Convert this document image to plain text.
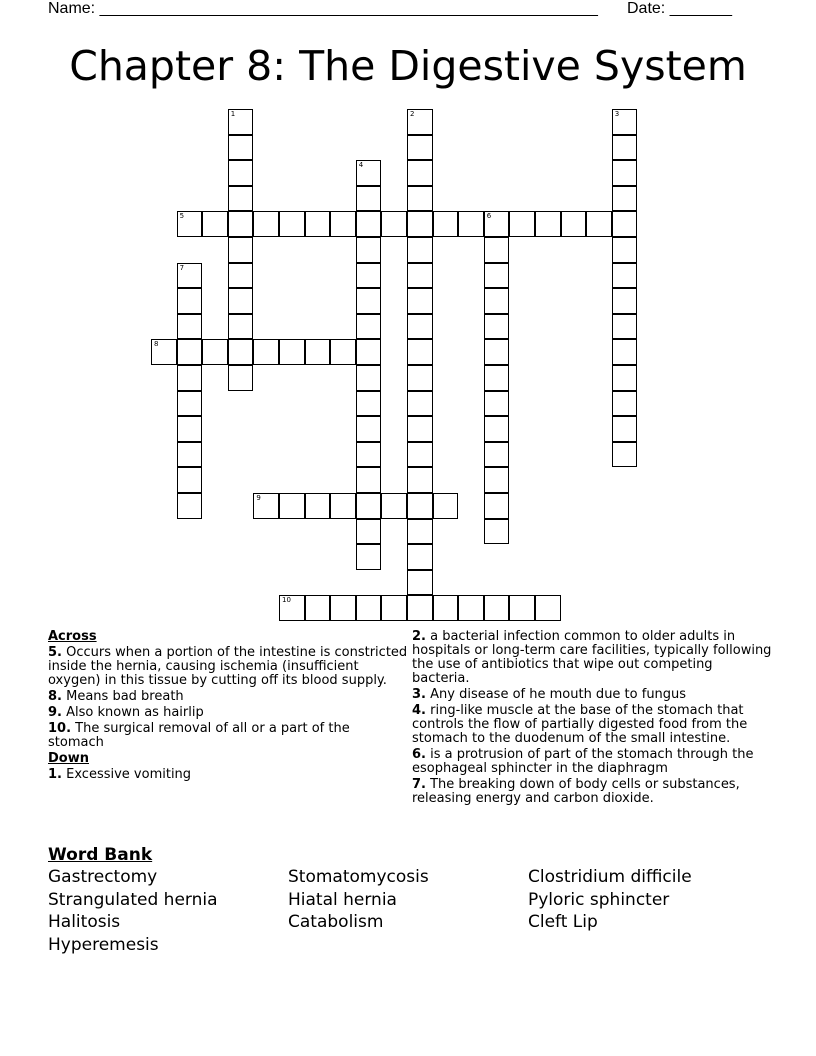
Name: ________________________________________________________ Date: _______
Chapter 8: The Digestive System
1	2	3
4
5	6
7
8
9
10
Across
5. Occurs when a portion of the intestine is constricted inside the hernia, causing ischemia (insufficient oxygen) in this tissue by cutting off its blood supply.
8. Means bad breath
9. Also known as hairlip
10. The surgical removal of all or a part of the stomach
Down
1. Excessive vomiting
2. a bacterial infection common to older adults in hospitals or long-term care facilities, typically following the use of antibiotics that wipe out competing bacteria.
3. Any disease of he mouth due to fungus
4. ring-like muscle at the base of the stomach that controls the flow of partially digested food from the stomach to the duodenum of the small intestine.
6. is a protrusion of part of the stomach through the esophageal sphincter in the diaphragm
7. The breaking down of body cells or substances, releasing energy and carbon dioxide.
Word Bank
Gastrectomy	Stomatomycosis	Clostridium difficile
Strangulated hernia	Hiatal hernia	Pyloric sphincter
Halitosis	Catabolism	Cleft Lip
Hyperemesis
